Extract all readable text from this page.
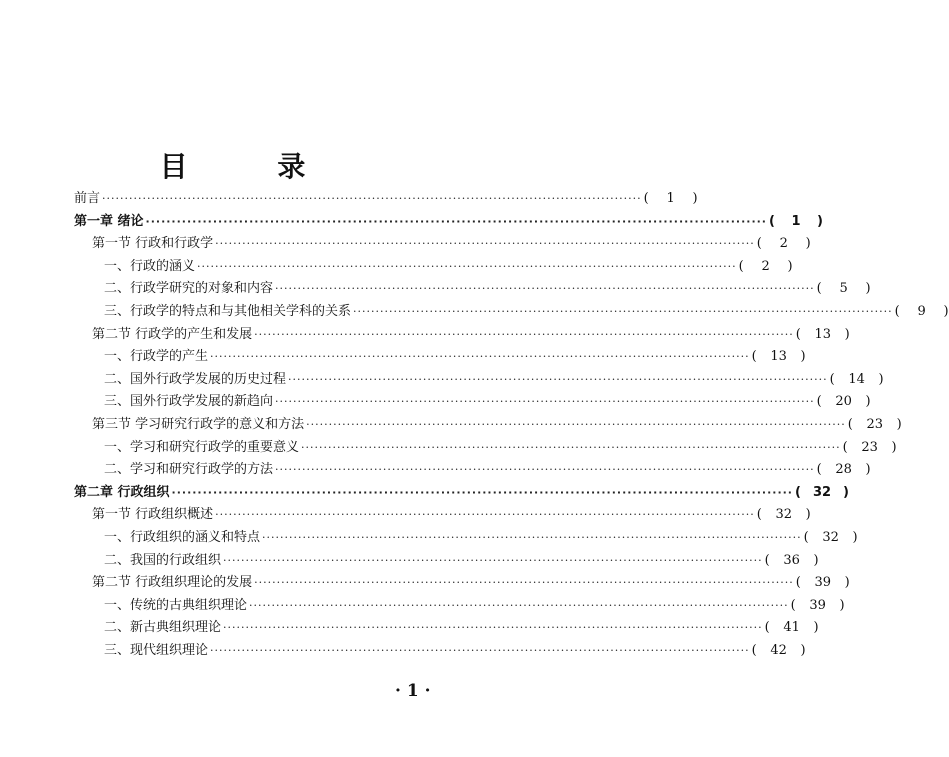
目 录
前言 ························································································································ (	1	)
第一章 绪论 ························································································································ (	1	)
第一节 行政和行政学 ························································································································ (	2	)
一、行政的涵义 ························································································································ (	2	)
二、行政学研究的对象和内容 ························································································································ (	5	)
三、行政学的特点和与其他相关学科的关系 ························································································································ (	9	)
第二节 行政学的产生和发展 ························································································································ (	13	)
一、行政学的产生 ························································································································ (	13	)
二、国外行政学发展的历史过程 ························································································································ (	14	)
三、国外行政学发展的新趋向 ························································································································ (	20	)
第三节 学习研究行政学的意义和方法 ························································································································ (	23	)
一、学习和研究行政学的重要意义 ························································································································ (	23	)
二、学习和研究行政学的方法 ························································································································ (	28	)
第二章 行政组织 ························································································································ ( 32 )
第一节 行政组织概述 ························································································································ (	32	)
一、行政组织的涵义和特点 ························································································································ (	32	)
二、我国的行政组织 ························································································································ (	36	)
第二节 行政组织理论的发展 ························································································································ (	39	)
一、传统的古典组织理论 ························································································································ (	39	)
二、新古典组织理论 ························································································································ (	41	)
三、现代组织理论 ························································································································ (	42	)
· 1 ·
